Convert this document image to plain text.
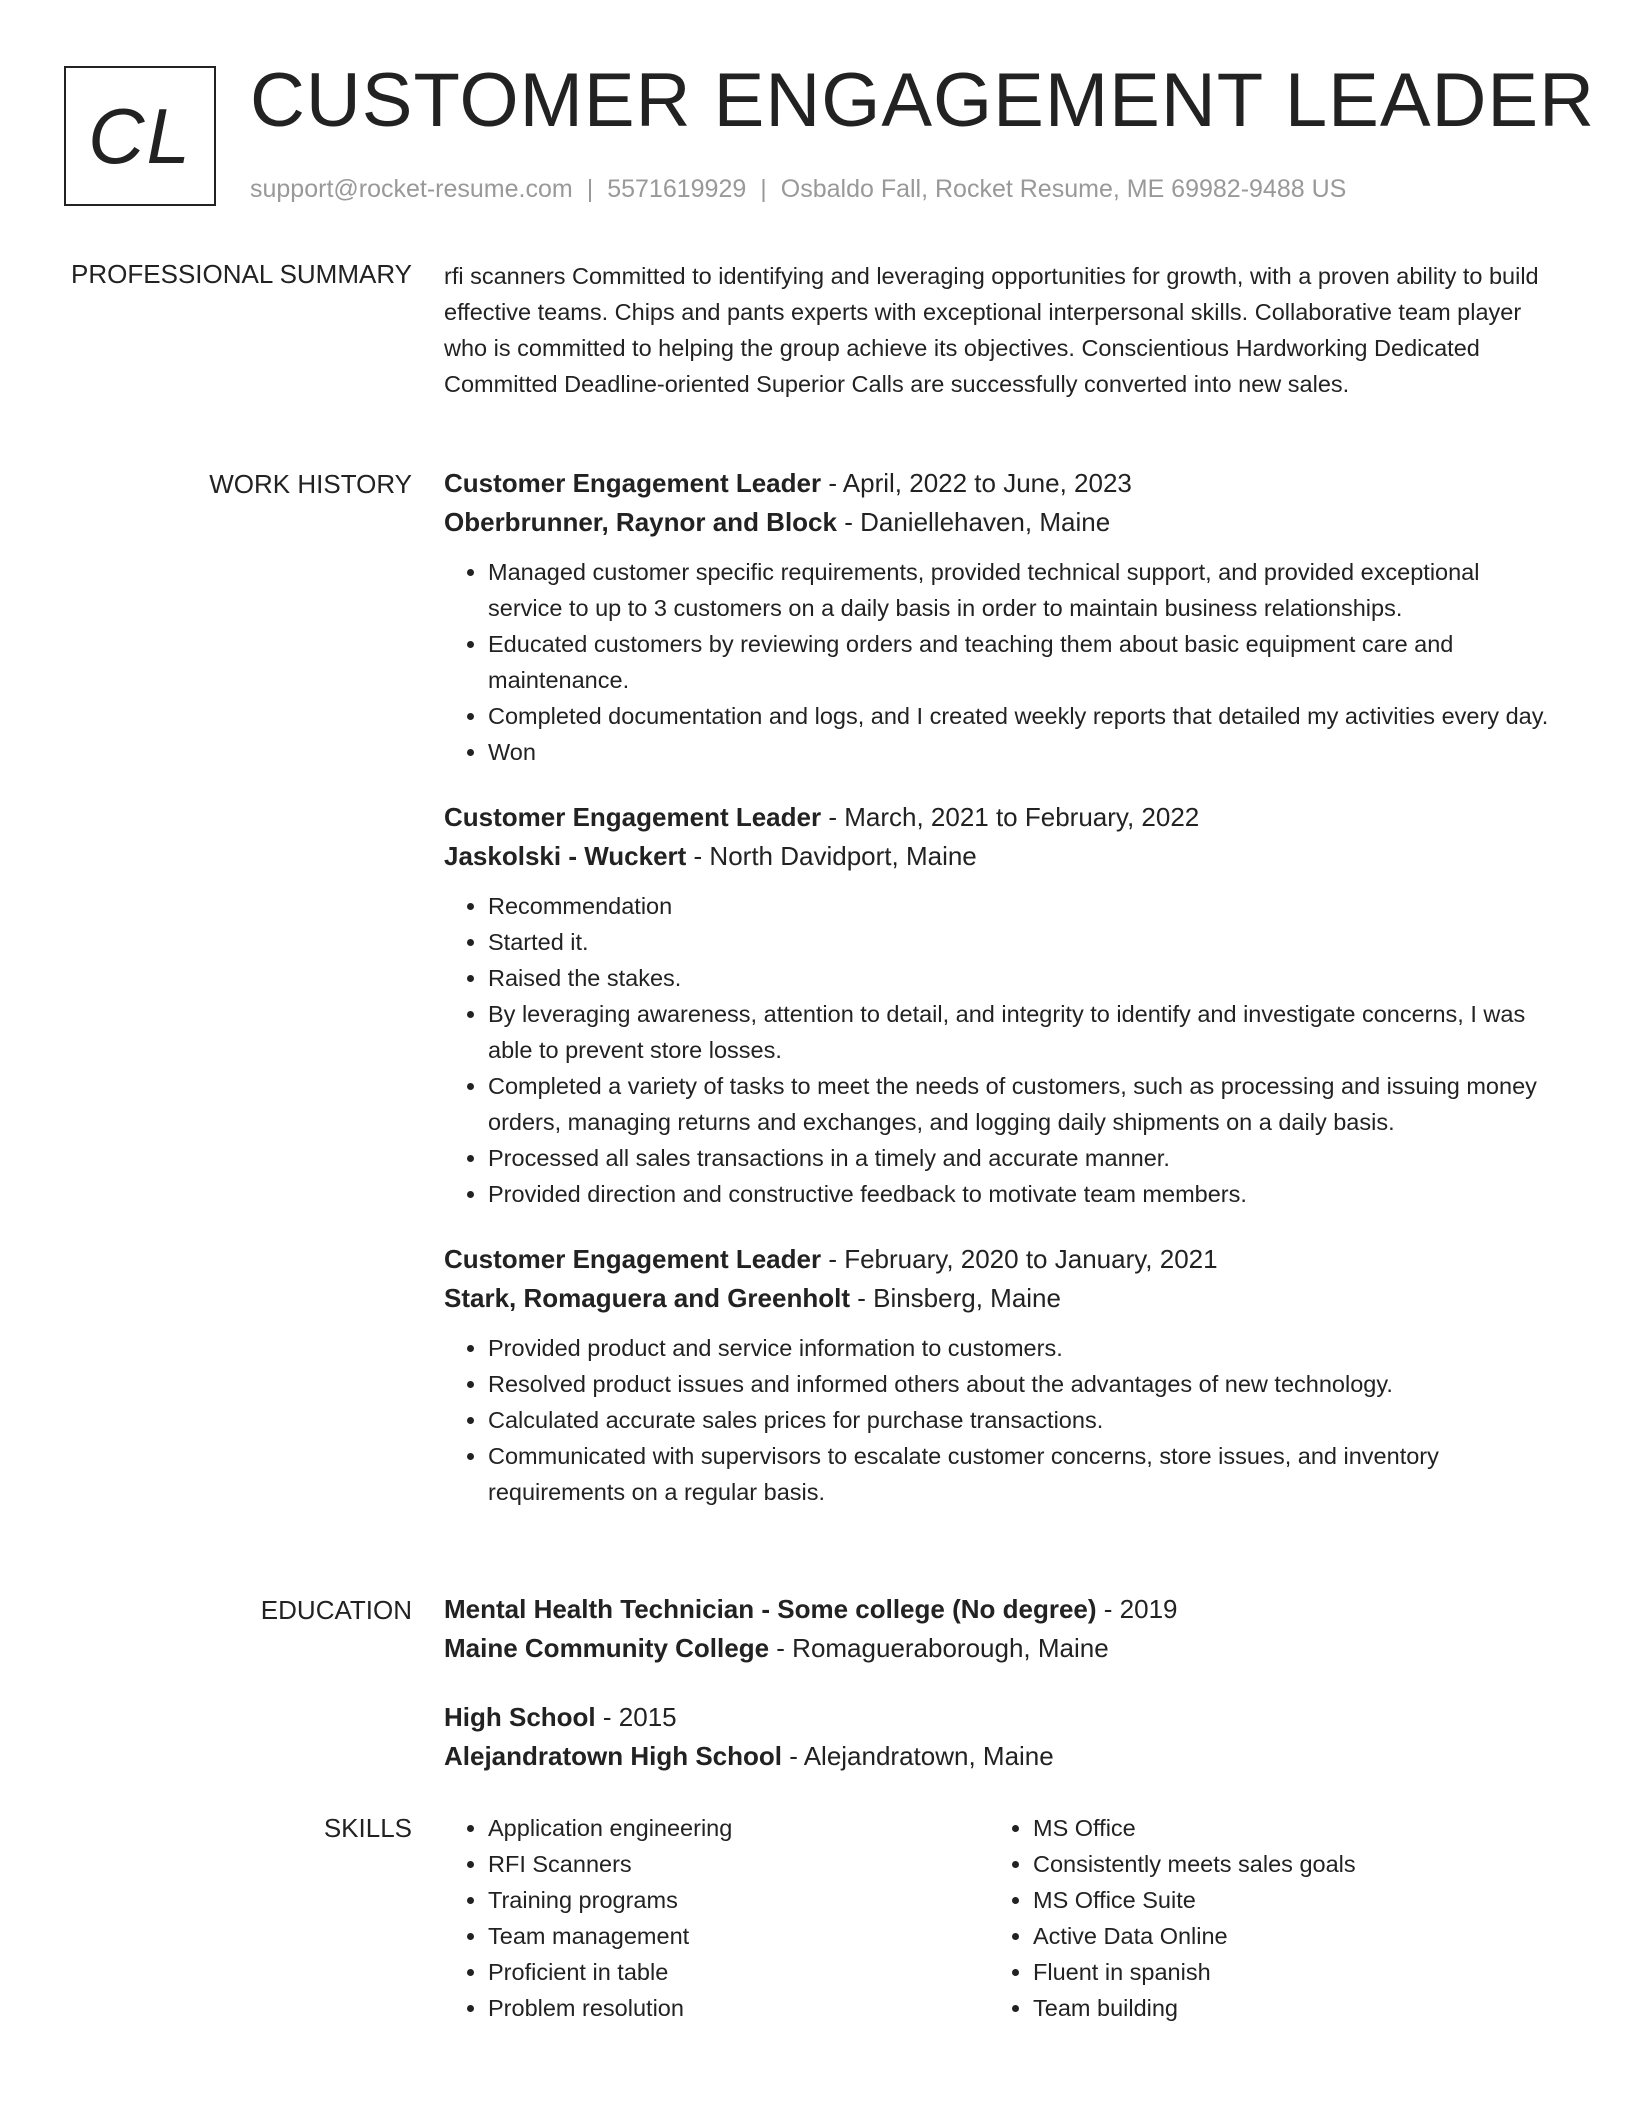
CL CUSTOMER ENGAGEMENT LEADER
support@rocket-resume.com | 5571619929 | Osbaldo Fall, Rocket Resume, ME 69982-9488 US
PROFESSIONAL SUMMARY rfi scanners Committed to identifying and leveraging opportunities for growth, with a proven ability to build effective teams. Chips and pants experts with exceptional interpersonal skills. Collaborative team player who is committed to helping the group achieve its objectives. Conscientious Hardworking Dedicated Committed Deadline-oriented Superior Calls are successfully converted into new sales.

WORK HISTORY Customer Engagement Leader - April, 2022 to June, 2023
Oberbrunner, Raynor and Block - Daniellehaven, Maine
• Managed customer specific requirements, provided technical support, and provided exceptional service to up to 3 customers on a daily basis in order to maintain business relationships.
• Educated customers by reviewing orders and teaching them about basic equipment care and maintenance.
• Completed documentation and logs, and I created weekly reports that detailed my activities every day.
• Won
Customer Engagement Leader - March, 2021 to February, 2022
Jaskolski - Wuckert - North Davidport, Maine
• Recommendation
• Started it.
• Raised the stakes.
• By leveraging awareness, attention to detail, and integrity to identify and investigate concerns, I was able to prevent store losses.
• Completed a variety of tasks to meet the needs of customers, such as processing and issuing money orders, managing returns and exchanges, and logging daily shipments on a daily basis.
• Processed all sales transactions in a timely and accurate manner.
• Provided direction and constructive feedback to motivate team members.
Customer Engagement Leader - February, 2020 to January, 2021
Stark, Romaguera and Greenholt - Binsberg, Maine
• Provided product and service information to customers.
• Resolved product issues and informed others about the advantages of new technology.
• Calculated accurate sales prices for purchase transactions.
• Communicated with supervisors to escalate customer concerns, store issues, and inventory requirements on a regular basis.
EDUCATION Mental Health Technician - Some college (No degree) - 2019
Maine Community College - Romagueraborough, Maine
High School - 2015
Alejandratown High School - Alejandratown, Maine
SKILLS
•	Application engineering
• RFI Scanners
• Training programs
• Team management
• Proficient in table
• Problem resolution
• MS Office
• Consistently meets sales goals
• MS Office Suite
• Active Data Online
• Fluent in spanish
• Team building
